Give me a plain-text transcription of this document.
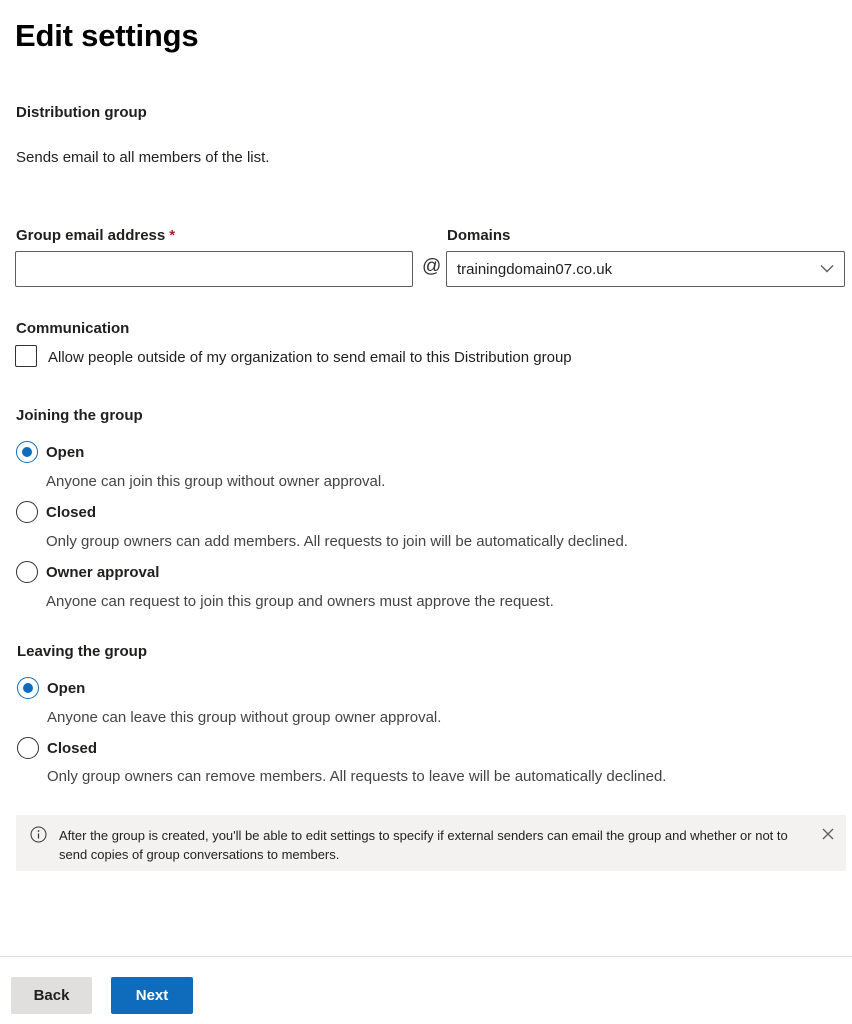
Edit settings
Distribution group
Sends email to all members of the list.
Group email address *
@
Domains
trainingdomain07.co.uk
Communication
Allow people outside of my organization to send email to this Distribution group
Joining the group
Open
Anyone can join this group without owner approval.
Closed
Only group owners can add members. All requests to join will be automatically declined.
Owner approval
Anyone can request to join this group and owners must approve the request.
Leaving the group
Open
Anyone can leave this group without group owner approval.
Closed
Only group owners can remove members. All requests to leave will be automatically declined.
After the group is created, you'll be able to edit settings to specify if external senders can email the group and whether or not to send copies of group conversations to members.
Back	Next
